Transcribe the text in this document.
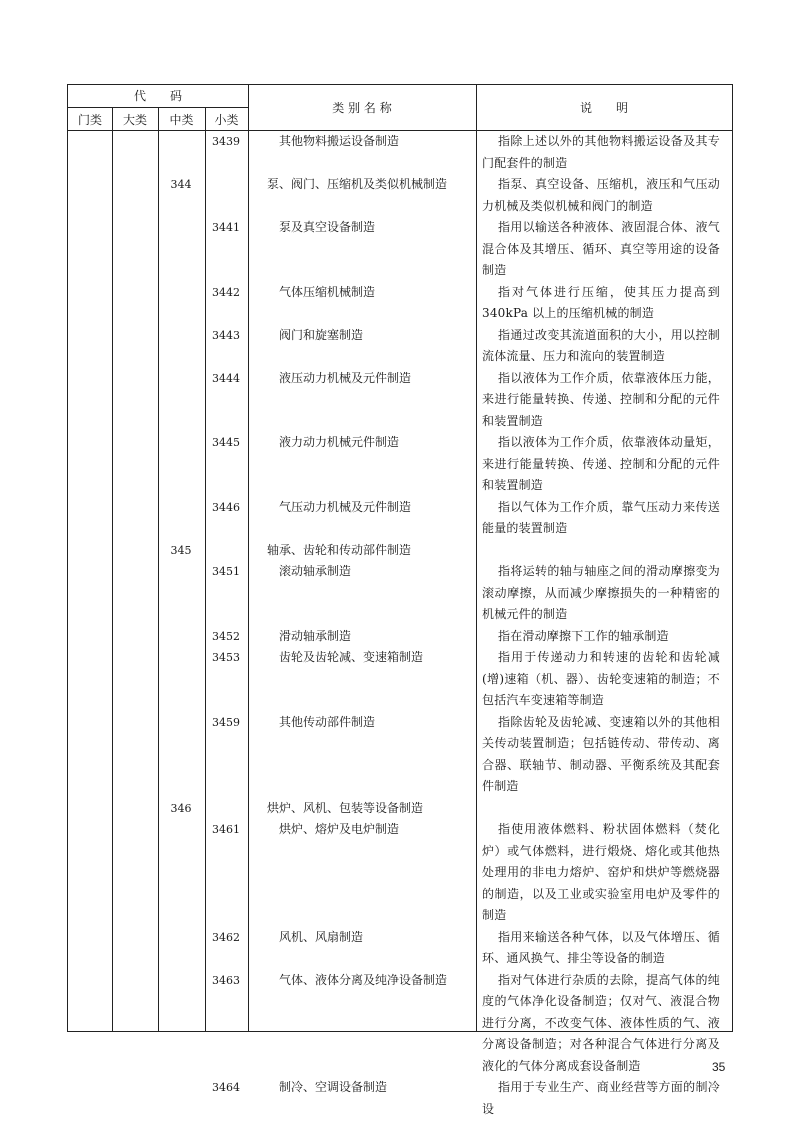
代　　码
门类	大类	中类	小类
类 别 名 称	说　　明
3439	其他物料搬运设备制造	指除上述以外的其他物料搬运设备及其专门配套件的制造
344	泵、阀门、压缩机及类似机械制造	指泵、真空设备、压缩机，液压和气压动力机械及类似机械和阀门的制造
3441	泵及真空设备制造	指用以输送各种液体、液固混合体、液气混合体及其增压、循环、真空等用途的设备制造
3442	气体压缩机械制造	指对气体进行压缩，使其压力提高到 340kPa 以上的压缩机械的制造
3443	阀门和旋塞制造	指通过改变其流道面积的大小，用以控制流体流量、压力和流向的装置制造
3444	液压动力机械及元件制造	指以液体为工作介质，依靠液体压力能，来进行能量转换、传递、控制和分配的元件和装置制造
3445	液力动力机械元件制造	指以液体为工作介质，依靠液体动量矩，来进行能量转换、传递、控制和分配的元件和装置制造
3446	气压动力机械及元件制造	指以气体为工作介质，靠气压动力来传送能量的装置制造
345	轴承、齿轮和传动部件制造
3451	滚动轴承制造	指将运转的轴与轴座之间的滑动摩擦变为滚动摩擦，从而减少摩擦损失的一种精密的机械元件的制造
3452	滑动轴承制造	指在滑动摩擦下工作的轴承制造
3453	齿轮及齿轮减、变速箱制造	指用于传递动力和转速的齿轮和齿轮减(增)速箱（机、器）、齿轮变速箱的制造；不包括汽车变速箱等制造
3459	其他传动部件制造	指除齿轮及齿轮减、变速箱以外的其他相关传动装置制造；包括链传动、带传动、离合器、联轴节、制动器、平衡系统及其配套件制造
346	烘炉、风机、包装等设备制造
3461	烘炉、熔炉及电炉制造	指使用液体燃料、粉状固体燃料（焚化炉）或气体燃料，进行煅烧、熔化或其他热处理用的非电力熔炉、窑炉和烘炉等燃烧器的制造，以及工业或实验室用电炉及零件的制造
3462	风机、风扇制造	指用来输送各种气体，以及气体增压、循环、通风换气、排尘等设备的制造
3463	气体、液体分离及纯净设备制造	指对气体进行杂质的去除，提高气体的纯度的气体净化设备制造；仅对气、液混合物进行分离，不改变气体、液体性质的气、液分离设备制造；对各种混合气体进行分离及液化的气体分离成套设备制造
3464	制冷、空调设备制造	指用于专业生产、商业经营等方面的制冷设
35
